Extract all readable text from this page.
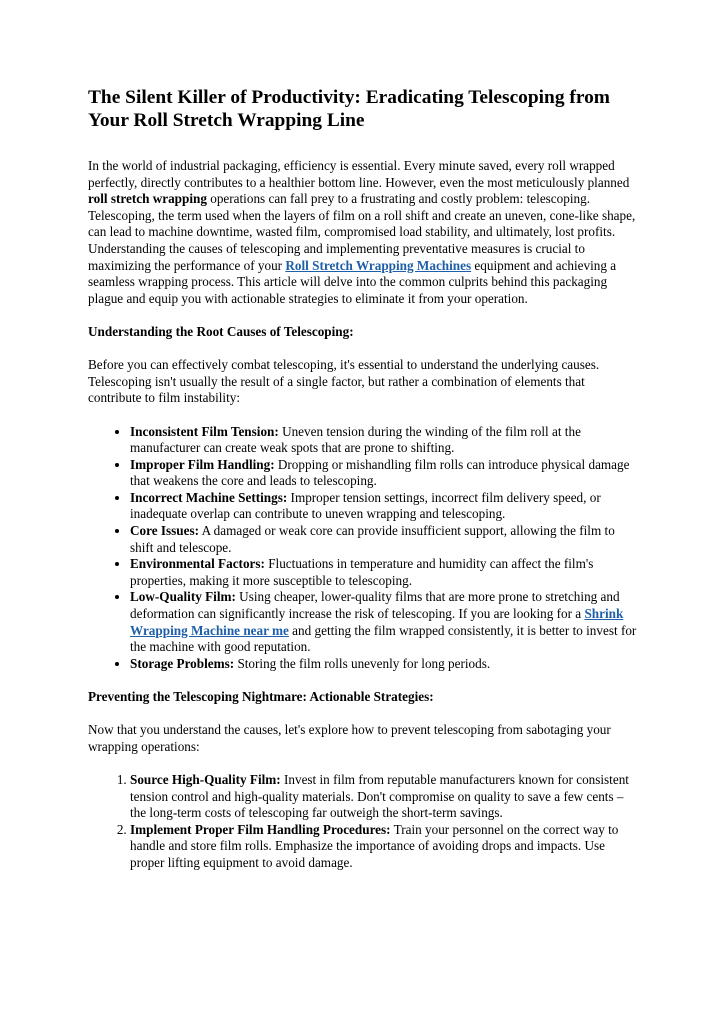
The Silent Killer of Productivity: Eradicating Telescoping from Your Roll Stretch Wrapping Line

In the world of industrial packaging, efficiency is essential. Every minute saved, every roll wrapped perfectly, directly contributes to a healthier bottom line. However, even the most meticulously planned roll stretch wrapping operations can fall prey to a frustrating and costly problem: telescoping. Telescoping, the term used when the layers of film on a roll shift and create an uneven, cone-like shape, can lead to machine downtime, wasted film, compromised load stability, and ultimately, lost profits. Understanding the causes of telescoping and implementing preventative measures is crucial to maximizing the performance of your Roll Stretch Wrapping Machines equipment and achieving a seamless wrapping process. This article will delve into the common culprits behind this packaging plague and equip you with actionable strategies to eliminate it from your operation.

Understanding the Root Causes of Telescoping:

Before you can effectively combat telescoping, it's essential to understand the underlying causes. Telescoping isn't usually the result of a single factor, but rather a combination of elements that contribute to film instability:

• Inconsistent Film Tension: Uneven tension during the winding of the film roll at the manufacturer can create weak spots that are prone to shifting.
• Improper Film Handling: Dropping or mishandling film rolls can introduce physical damage that weakens the core and leads to telescoping.
• Incorrect Machine Settings: Improper tension settings, incorrect film delivery speed, or inadequate overlap can contribute to uneven wrapping and telescoping.
• Core Issues: A damaged or weak core can provide insufficient support, allowing the film to shift and telescope.
• Environmental Factors: Fluctuations in temperature and humidity can affect the film's properties, making it more susceptible to telescoping.
• Low-Quality Film: Using cheaper, lower-quality films that are more prone to stretching and deformation can significantly increase the risk of telescoping. If you are looking for a Shrink Wrapping Machine near me and getting the film wrapped consistently, it is better to invest for the machine with good reputation.
• Storage Problems: Storing the film rolls unevenly for long periods.
Preventing the Telescoping Nightmare: Actionable Strategies:

Now that you understand the causes, let's explore how to prevent telescoping from sabotaging your wrapping operations:

1. Source High-Quality Film: Invest in film from reputable manufacturers known for consistent tension control and high-quality materials. Don't compromise on quality to save a few cents – the long-term costs of telescoping far outweigh the short-term savings.
2. Implement Proper Film Handling Procedures: Train your personnel on the correct way to handle and store film rolls. Emphasize the importance of avoiding drops and impacts. Use proper lifting equipment to avoid damage.
